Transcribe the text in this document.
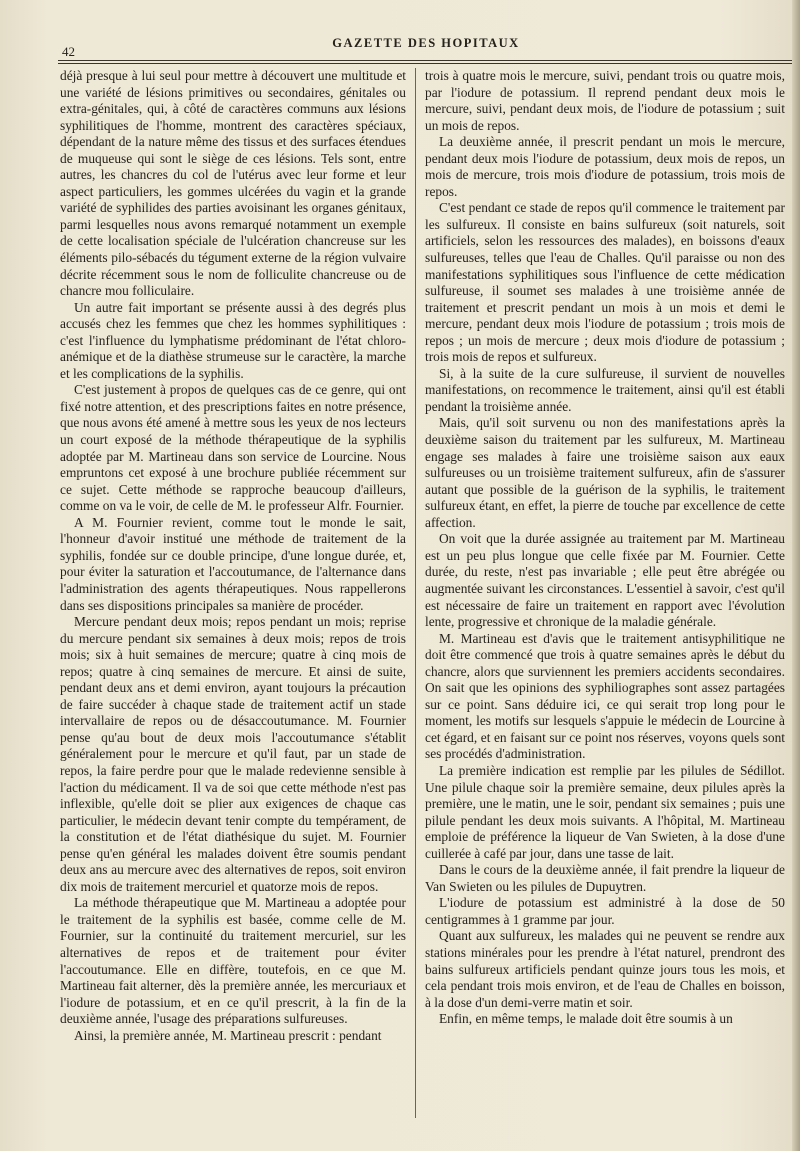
42
GAZETTE DES HOPITAUX

déjà presque à lui seul pour mettre à découvert une multitude et une variété de lésions primitives ou secondaires, génitales ou extra-génitales, qui, à côté de caractères communs aux lésions syphilitiques de l'homme, montrent des caractères spéciaux, dépendant de la nature même des tissus et des surfaces étendues de muqueuse qui sont le siège de ces lésions. Tels sont, entre autres, les chancres du col de l'utérus avec leur forme et leur aspect particuliers, les gommes ulcérées du vagin et la grande variété de syphilides des parties avoisinant les organes génitaux, parmi lesquelles nous avons remarqué notamment un exemple de cette localisation spéciale de l'ulcération chancreuse sur les éléments pilo-sébacés du tégument externe de la région vulvaire décrite récemment sous le nom de folliculite chancreuse ou de chancre mou folliculaire.

Un autre fait important se présente aussi à des degrés plus accusés chez les femmes que chez les hommes syphilitiques : c'est l'influence du lymphatisme prédominant de l'état chloro-anémique et de la diathèse strumeuse sur le caractère, la marche et les complications de la syphilis.

C'est justement à propos de quelques cas de ce genre, qui ont fixé notre attention, et des prescriptions faites en notre présence, que nous avons été amené à mettre sous les yeux de nos lecteurs un court exposé de la méthode thérapeutique de la syphilis adoptée par M. Martineau dans son service de Lourcine. Nous empruntons cet exposé à une brochure publiée récemment sur ce sujet. Cette méthode se rapproche beaucoup d'ailleurs, comme on va le voir, de celle de M. le professeur Alfr. Fournier.

A M. Fournier revient, comme tout le monde le sait, l'honneur d'avoir institué une méthode de traitement de la syphilis, fondée sur ce double principe, d'une longue durée, et, pour éviter la saturation et l'accoutumance, de l'alternance dans l'administration des agents thérapeutiques. Nous rappellerons dans ses dispositions principales sa manière de procéder.

Mercure pendant deux mois; repos pendant un mois; reprise du mercure pendant six semaines à deux mois; repos de trois mois; six à huit semaines de mercure; quatre à cinq mois de repos; quatre à cinq semaines de mercure. Et ainsi de suite, pendant deux ans et demi environ, ayant toujours la précaution de faire succéder à chaque stade de traitement actif un stade intervallaire de repos ou de désaccoutumance. M. Fournier pense qu'au bout de deux mois l'accoutumance s'établit généralement pour le mercure et qu'il faut, par un stade de repos, la faire perdre pour que le malade redevienne sensible à l'action du médicament. Il va de soi que cette méthode n'est pas inflexible, qu'elle doit se plier aux exigences de chaque cas particulier, le médecin devant tenir compte du tempérament, de la constitution et de l'état diathésique du sujet. M. Fournier pense qu'en général les malades doivent être soumis pendant deux ans au mercure avec des alternatives de repos, soit environ dix mois de traitement mercuriel et quatorze mois de repos.

La méthode thérapeutique que M. Martineau a adoptée pour le traitement de la syphilis est basée, comme celle de M. Fournier, sur la continuité du traitement mercuriel, sur les alternatives de repos et de traitement pour éviter l'accoutumance. Elle en diffère, toutefois, en ce que M. Martineau fait alterner, dès la première année, les mercuriaux et l'iodure de potassium, et en ce qu'il prescrit, à la fin de la deuxième année, l'usage des préparations sulfureuses.

Ainsi, la première année, M. Martineau prescrit : pendant

trois à quatre mois le mercure, suivi, pendant trois ou quatre mois, par l'iodure de potassium. Il reprend pendant deux mois le mercure, suivi, pendant deux mois, de l'iodure de potassium ; suit un mois de repos.

La deuxième année, il prescrit pendant un mois le mercure, pendant deux mois l'iodure de potassium, deux mois de repos, un mois de mercure, trois mois d'iodure de potassium, trois mois de repos.

C'est pendant ce stade de repos qu'il commence le traitement par les sulfureux. Il consiste en bains sulfureux (soit naturels, soit artificiels, selon les ressources des malades), en boissons d'eaux sulfureuses, telles que l'eau de Challes. Qu'il paraisse ou non des manifestations syphilitiques sous l'influence de cette médication sulfureuse, il soumet ses malades à une troisième année de traitement et prescrit pendant un mois à un mois et demi le mercure, pendant deux mois l'iodure de potassium ; trois mois de repos ; un mois de mercure ; deux mois d'iodure de potassium ; trois mois de repos et sulfureux.

Si, à la suite de la cure sulfureuse, il survient de nouvelles manifestations, on recommence le traitement, ainsi qu'il est établi pendant la troisième année.

Mais, qu'il soit survenu ou non des manifestations après la deuxième saison du traitement par les sulfureux, M. Martineau engage ses malades à faire une troisième saison aux eaux sulfureuses ou un troisième traitement sulfureux, afin de s'assurer autant que possible de la guérison de la syphilis, le traitement sulfureux étant, en effet, la pierre de touche par excellence de cette affection.

On voit que la durée assignée au traitement par M. Martineau est un peu plus longue que celle fixée par M. Fournier. Cette durée, du reste, n'est pas invariable ; elle peut être abrégée ou augmentée suivant les circonstances. L'essentiel à savoir, c'est qu'il est nécessaire de faire un traitement en rapport avec l'évolution lente, progressive et chronique de la maladie générale.

M. Martineau est d'avis que le traitement antisyphilitique ne doit être commencé que trois à quatre semaines après le début du chancre, alors que surviennent les premiers accidents secondaires. On sait que les opinions des syphiliographes sont assez partagées sur ce point. Sans déduire ici, ce qui serait trop long pour le moment, les motifs sur lesquels s'appuie le médecin de Lourcine à cet égard, et en faisant sur ce point nos réserves, voyons quels sont ses procédés d'administration.

La première indication est remplie par les pilules de Sédillot. Une pilule chaque soir la première semaine, deux pilules après la première, une le matin, une le soir, pendant six semaines ; puis une pilule pendant les deux mois suivants. A l'hôpital, M. Martineau emploie de préférence la liqueur de Van Swieten, à la dose d'une cuillerée à café par jour, dans une tasse de lait.

Dans le cours de la deuxième année, il fait prendre la liqueur de Van Swieten ou les pilules de Dupuytren.

L'iodure de potassium est administré à la dose de 50 centigrammes à 1 gramme par jour.

Quant aux sulfureux, les malades qui ne peuvent se rendre aux stations minérales pour les prendre à l'état naturel, prendront des bains sulfureux artificiels pendant quinze jours tous les mois, et cela pendant trois mois environ, et de l'eau de Challes en boisson, à la dose d'un demi-verre matin et soir.

Enfin, en même temps, le malade doit être soumis à un
